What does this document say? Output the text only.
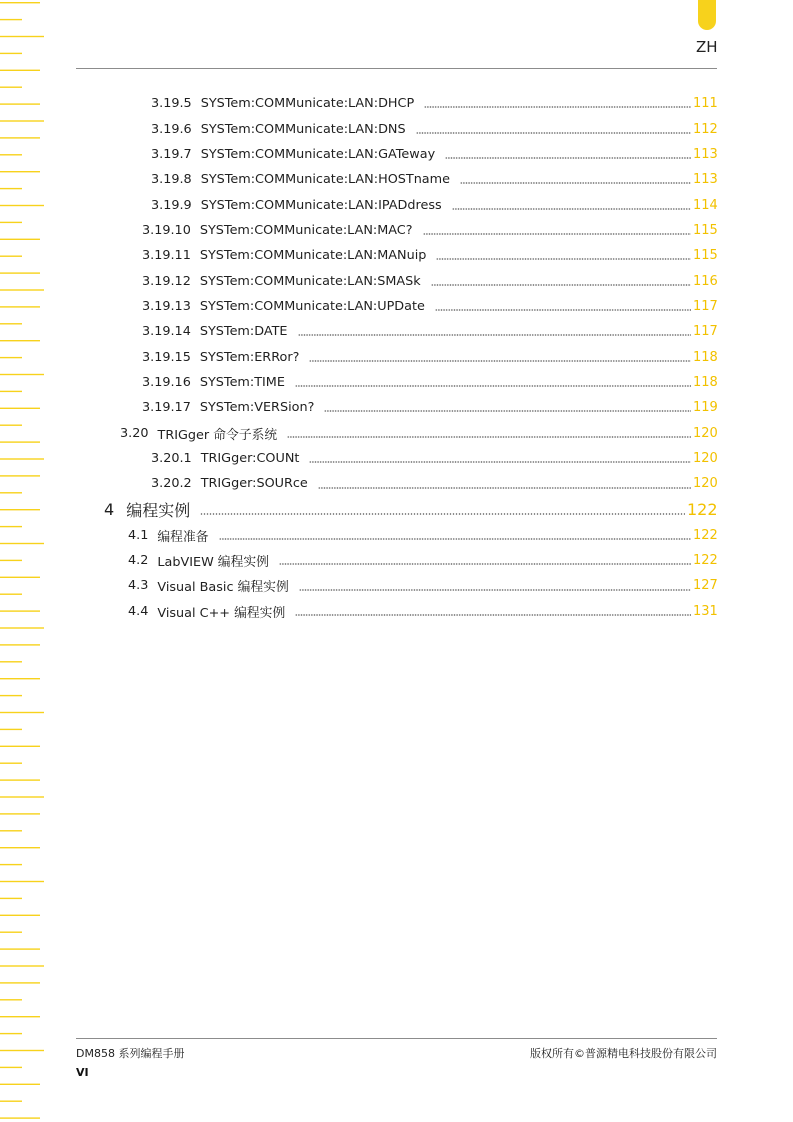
ZH
3.19.5 SYSTem:COMMunicate:LAN:DHCP	111
3.19.6 SYSTem:COMMunicate:LAN:DNS	112
3.19.7 SYSTem:COMMunicate:LAN:GATeway	113
3.19.8 SYSTem:COMMunicate:LAN:HOSTname	113
3.19.9 SYSTem:COMMunicate:LAN:IPADdress	114
3.19.10 SYSTem:COMMunicate:LAN:MAC?	115
3.19.11 SYSTem:COMMunicate:LAN:MANuip	115
3.19.12 SYSTem:COMMunicate:LAN:SMASk	116
3.19.13 SYSTem:COMMunicate:LAN:UPDate	117
3.19.14 SYSTem:DATE	117
3.19.15 SYSTem:ERRor?	118
3.19.16 SYSTem:TIME	118
3.19.17 SYSTem:VERSion?	119
3.20 TRIGger 命令子系统	120
3.20.1 TRIGger:COUNt	120
3.20.2 TRIGger:SOURce	120
4 编程实例	122
4.1 编程准备	122
4.2 LabVIEW 编程实例	122
4.3 Visual Basic 编程实例	127
4.4 Visual C++ 编程实例	131
DM858 系列编程手册	版权所有©普源精电科技股份有限公司
VI
